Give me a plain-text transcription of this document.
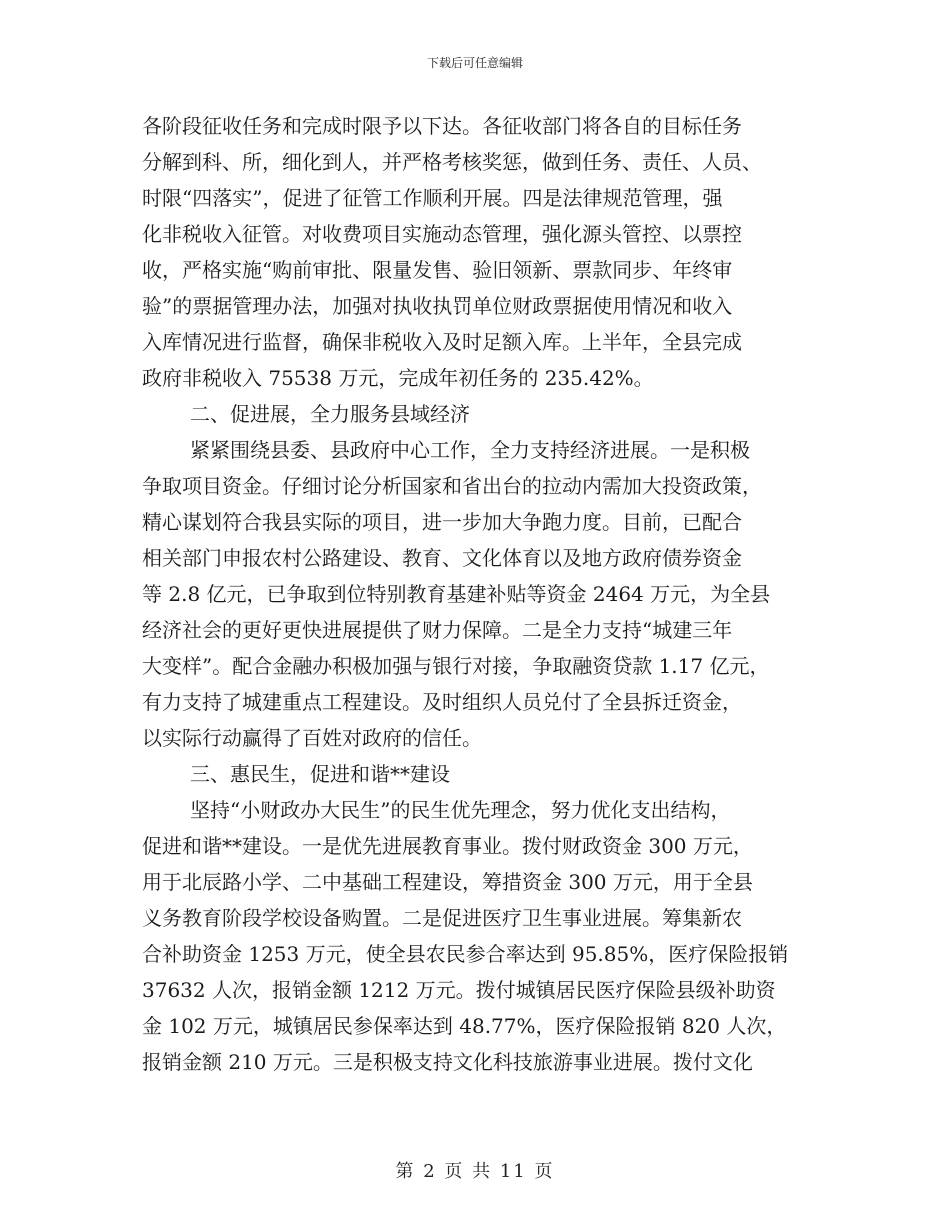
下载后可任意编辑
各阶段征收任务和完成时限予以下达。各征收部门将各自的目标任务
分解到科、所，细化到人，并严格考核奖惩，做到任务、责任、人员、
时限“四落实”，促进了征管工作顺利开展。四是法律规范管理，强
化非税收入征管。对收费项目实施动态管理，强化源头管控、以票控
收，严格实施“购前审批、限量发售、验旧领新、票款同步、年终审
验”的票据管理办法，加强对执收执罚单位财政票据使用情况和收入
入库情况进行监督，确保非税收入及时足额入库。上半年，全县完成
政府非税收入 75538 万元，完成年初任务的 235.42%。
二、促进展，全力服务县域经济
紧紧围绕县委、县政府中心工作，全力支持经济进展。一是积极
争取项目资金。仔细讨论分析国家和省出台的拉动内需加大投资政策，
精心谋划符合我县实际的项目，进一步加大争跑力度。目前，已配合
相关部门申报农村公路建设、教育、文化体育以及地方政府债券资金
等 2.8 亿元，已争取到位特别教育基建补贴等资金 2464 万元，为全县
经济社会的更好更快进展提供了财力保障。二是全力支持“城建三年
大变样”。配合金融办积极加强与银行对接，争取融资贷款 1.17 亿元，
有力支持了城建重点工程建设。及时组织人员兑付了全县拆迁资金，
以实际行动赢得了百姓对政府的信任。
三、惠民生，促进和谐**建设
坚持“小财政办大民生”的民生优先理念，努力优化支出结构，
促进和谐**建设。一是优先进展教育事业。拨付财政资金 300 万元，
用于北辰路小学、二中基础工程建设，筹措资金 300 万元，用于全县
义务教育阶段学校设备购置。二是促进医疗卫生事业进展。筹集新农
合补助资金 1253 万元，使全县农民参合率达到 95.85%，医疗保险报销
37632 人次，报销金额 1212 万元。拨付城镇居民医疗保险县级补助资
金 102 万元，城镇居民参保率达到 48.77%，医疗保险报销 820 人次，
报销金额 210 万元。三是积极支持文化科技旅游事业进展。拨付文化
第 2 页 共 11 页
